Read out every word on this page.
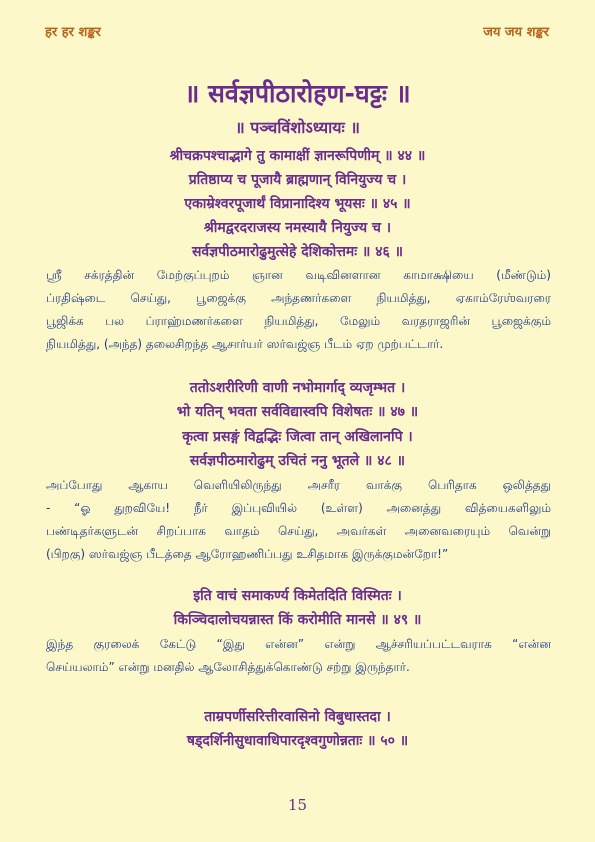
हर हर शङ्कर	जय जय शङ्कर
॥ सर्वज्ञपीठारोहण-घट्टः ॥
॥ पञ्चविंशोऽध्यायः ॥
श्रीचक्रपश्चाद्भागे तु कामाक्षीं ज्ञानरूपिणीम् ॥ ४४ ॥
प्रतिष्ठाप्य च पूजायै ब्राह्मणान् विनियुज्य च ।
एकाम्रेश्वरपूजार्थं विप्रानादिश्य भूयसः ॥ ४५ ॥
श्रीमद्वरदराजस्य नमस्यायै नियुज्य च ।
सर्वज्ञपीठमारोढुमुत्सेहे देशिकोत्तमः ॥ ४६ ॥
ஸ்ரீ சக்ரத்தின் மேற்குப்புறம் ஞான வடிவினளான காமாக்ஷியை (மீண்டும்)
ப்ரதிஷ்டை செய்து, பூஜைக்கு அந்தணர்களை நியமித்து, ஏகாம்ரேஶ்வரரை
பூஜிக்க பல ப்ராஹ்மணர்களை நியமித்து, மேலும் வரதராஜரின் பூஜைக்கும்
நியமித்து, (அந்த) தலைசிறந்த ஆசார்யர் ஸர்வஜ்ஞ பீடம் ஏற முற்பட்டார்.
ततोऽशरीरिणी वाणी नभोमार्गाद् व्यजृम्भत ।
भो यतिन् भवता सर्वविद्यास्वपि विशेषतः ॥ ४७ ॥
कृत्वा प्रसङ्गं विद्वद्भिः जित्वा तान् अखिलानपि ।
सर्वज्ञपीठमारोढुम् उचितं ननु भूतले ॥ ४८ ॥
அப்போது ஆகாய வெளியிலிருந்து அசரீர வாக்கு பெரிதாக ஒலித்தது
- “ஓ துறவியே! நீர் இப்புவியில் (உள்ள) அனைத்து வித்யைகளிலும்
பண்டிதர்களுடன் சிறப்பாக வாதம் செய்து, அவர்கள் அனைவரையும் வென்று
(பிறகு) ஸர்வஜ்ஞ பீடத்தை ஆரோஹணிப்பது உசிதமாக இருக்குமன்றோ!”
इति वाचं समाकर्ण्य किमेतदिति विस्मितः ।
किञ्चिदालोचयन्नास्त किं करोमीति मानसे ॥ ४९ ॥
இந்த குரலைக் கேட்டு “இது என்ன” என்று ஆச்சரியப்பட்டவராக “என்ன
செய்யலாம்” என்று மனதில் ஆலோசித்துக்கொண்டு சற்று இருந்தார்.
ताम्रपर्णीसरित्तीरवासिनो विबुधास्तदा ।
षड्दर्शिनीसुधावाधिपारदृश्वगुणोन्नताः ॥ ५० ॥
15
